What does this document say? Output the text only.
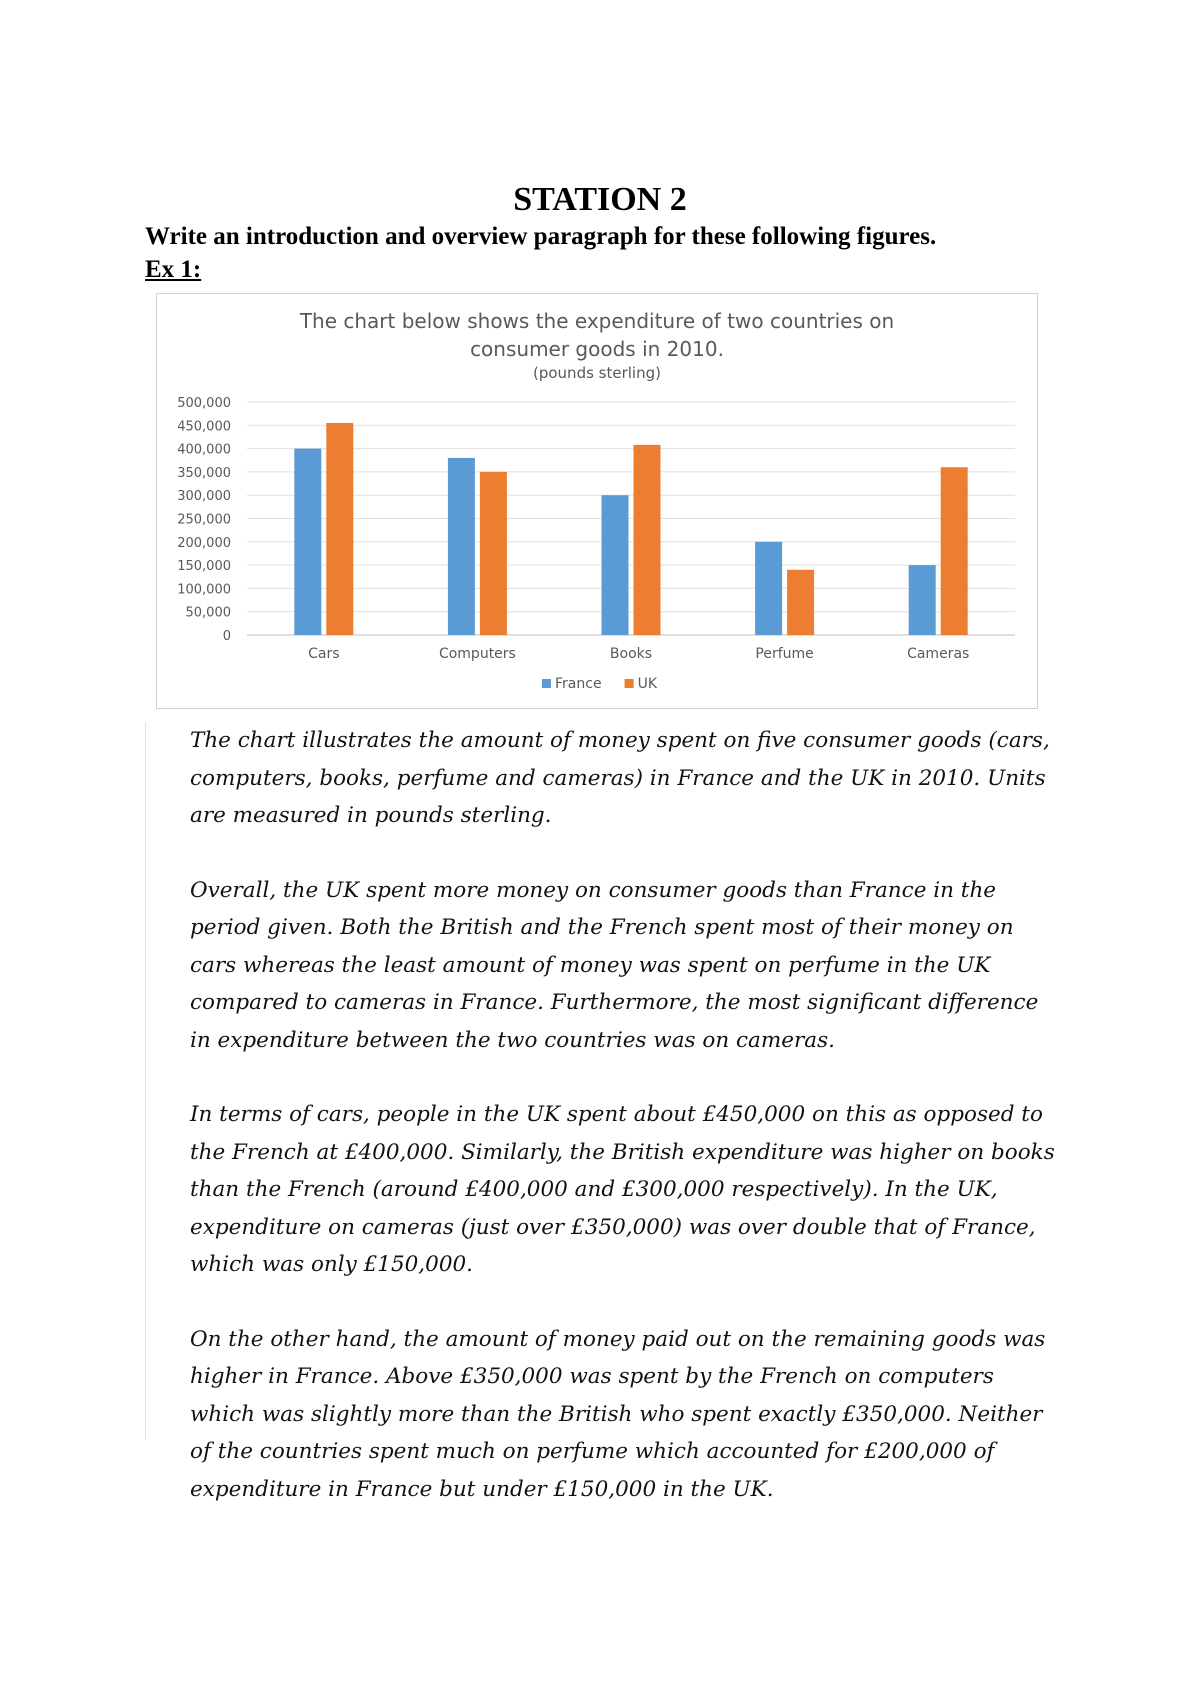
STATION 2
Write an introduction and overview paragraph for these following figures.
Ex 1:
The chart below shows the expenditure of two countries on
consumer goods in 2010.
(pounds sterling)
0
50,000
100,000
150,000
200,000
250,000
300,000
350,000
400,000
450,000
500,000
Cars	Computers	Books	Perfume	Cameras
France	UK

The chart illustrates the amount of money spent on five consumer goods (cars, computers, books, perfume and cameras) in France and the UK in 2010. Units are measured in pounds sterling.

Overall, the UK spent more money on consumer goods than France in the period given. Both the British and the French spent most of their money on cars whereas the least amount of money was spent on perfume in the UK compared to cameras in France. Furthermore, the most significant difference in expenditure between the two countries was on cameras.

In terms of cars, people in the UK spent about £450,000 on this as opposed to the French at £400,000. Similarly, the British expenditure was higher on books than the French (around £400,000 and £300,000 respectively). In the UK, expenditure on cameras (just over £350,000) was over double that of France, which was only £150,000.

On the other hand, the amount of money paid out on the remaining goods was higher in France. Above £350,000 was spent by the French on computers which was slightly more than the British who spent exactly £350,000. Neither of the countries spent much on perfume which accounted for £200,000 of expenditure in France but under £150,000 in the UK.
